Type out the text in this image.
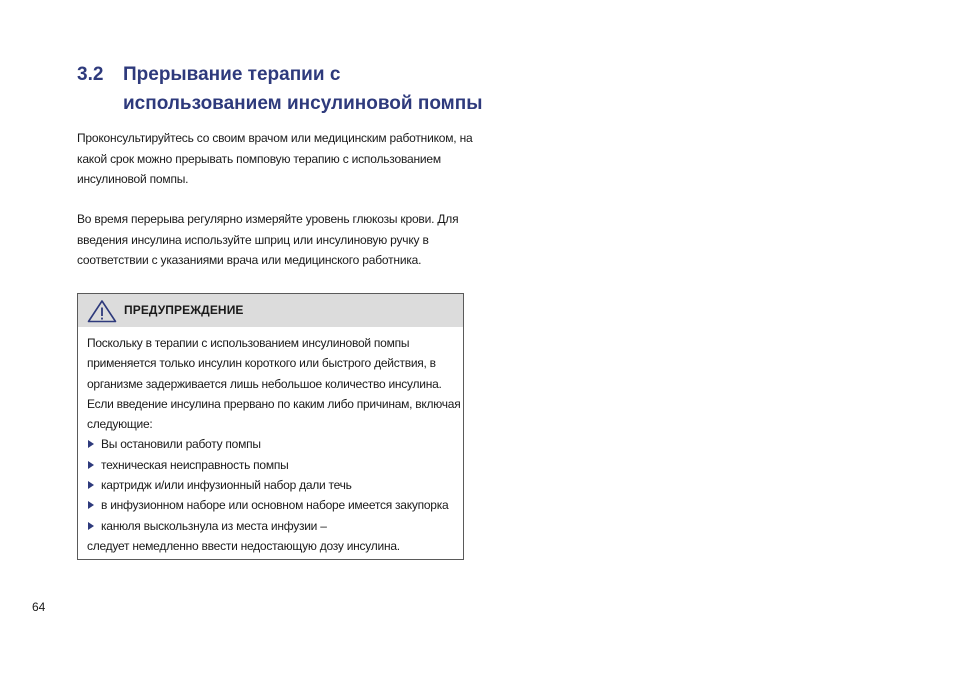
3.2 Прерывание терапии с
использованием инсулиновой помпы
Проконсультируйтесь со своим врачом или медицинским работником, на
какой срок можно прерывать помповую терапию с использованием
инсулиновой помпы.
Во время перерыва регулярно измеряйте уровень глюкозы крови. Для
введения инсулина используйте шприц или инсулиновую ручку в
соответствии с указаниями врача или медицинского работника.
ПРЕДУПРЕЖДЕНИЕ
Поскольку в терапии с использованием инсулиновой помпы
применяется только инсулин короткого или быстрого действия, в
организме задерживается лишь небольшое количество инсулина.
Если введение инсулина прервано по каким либо причинам, включая
следующие:
Вы остановили работу помпы
техническая неисправность помпы
картридж и/или инфузионный набор дали течь
в инфузионном наборе или основном наборе имеется закупорка
канюля выскользнула из места инфузии –
следует немедленно ввести недостающую дозу инсулина.
64
